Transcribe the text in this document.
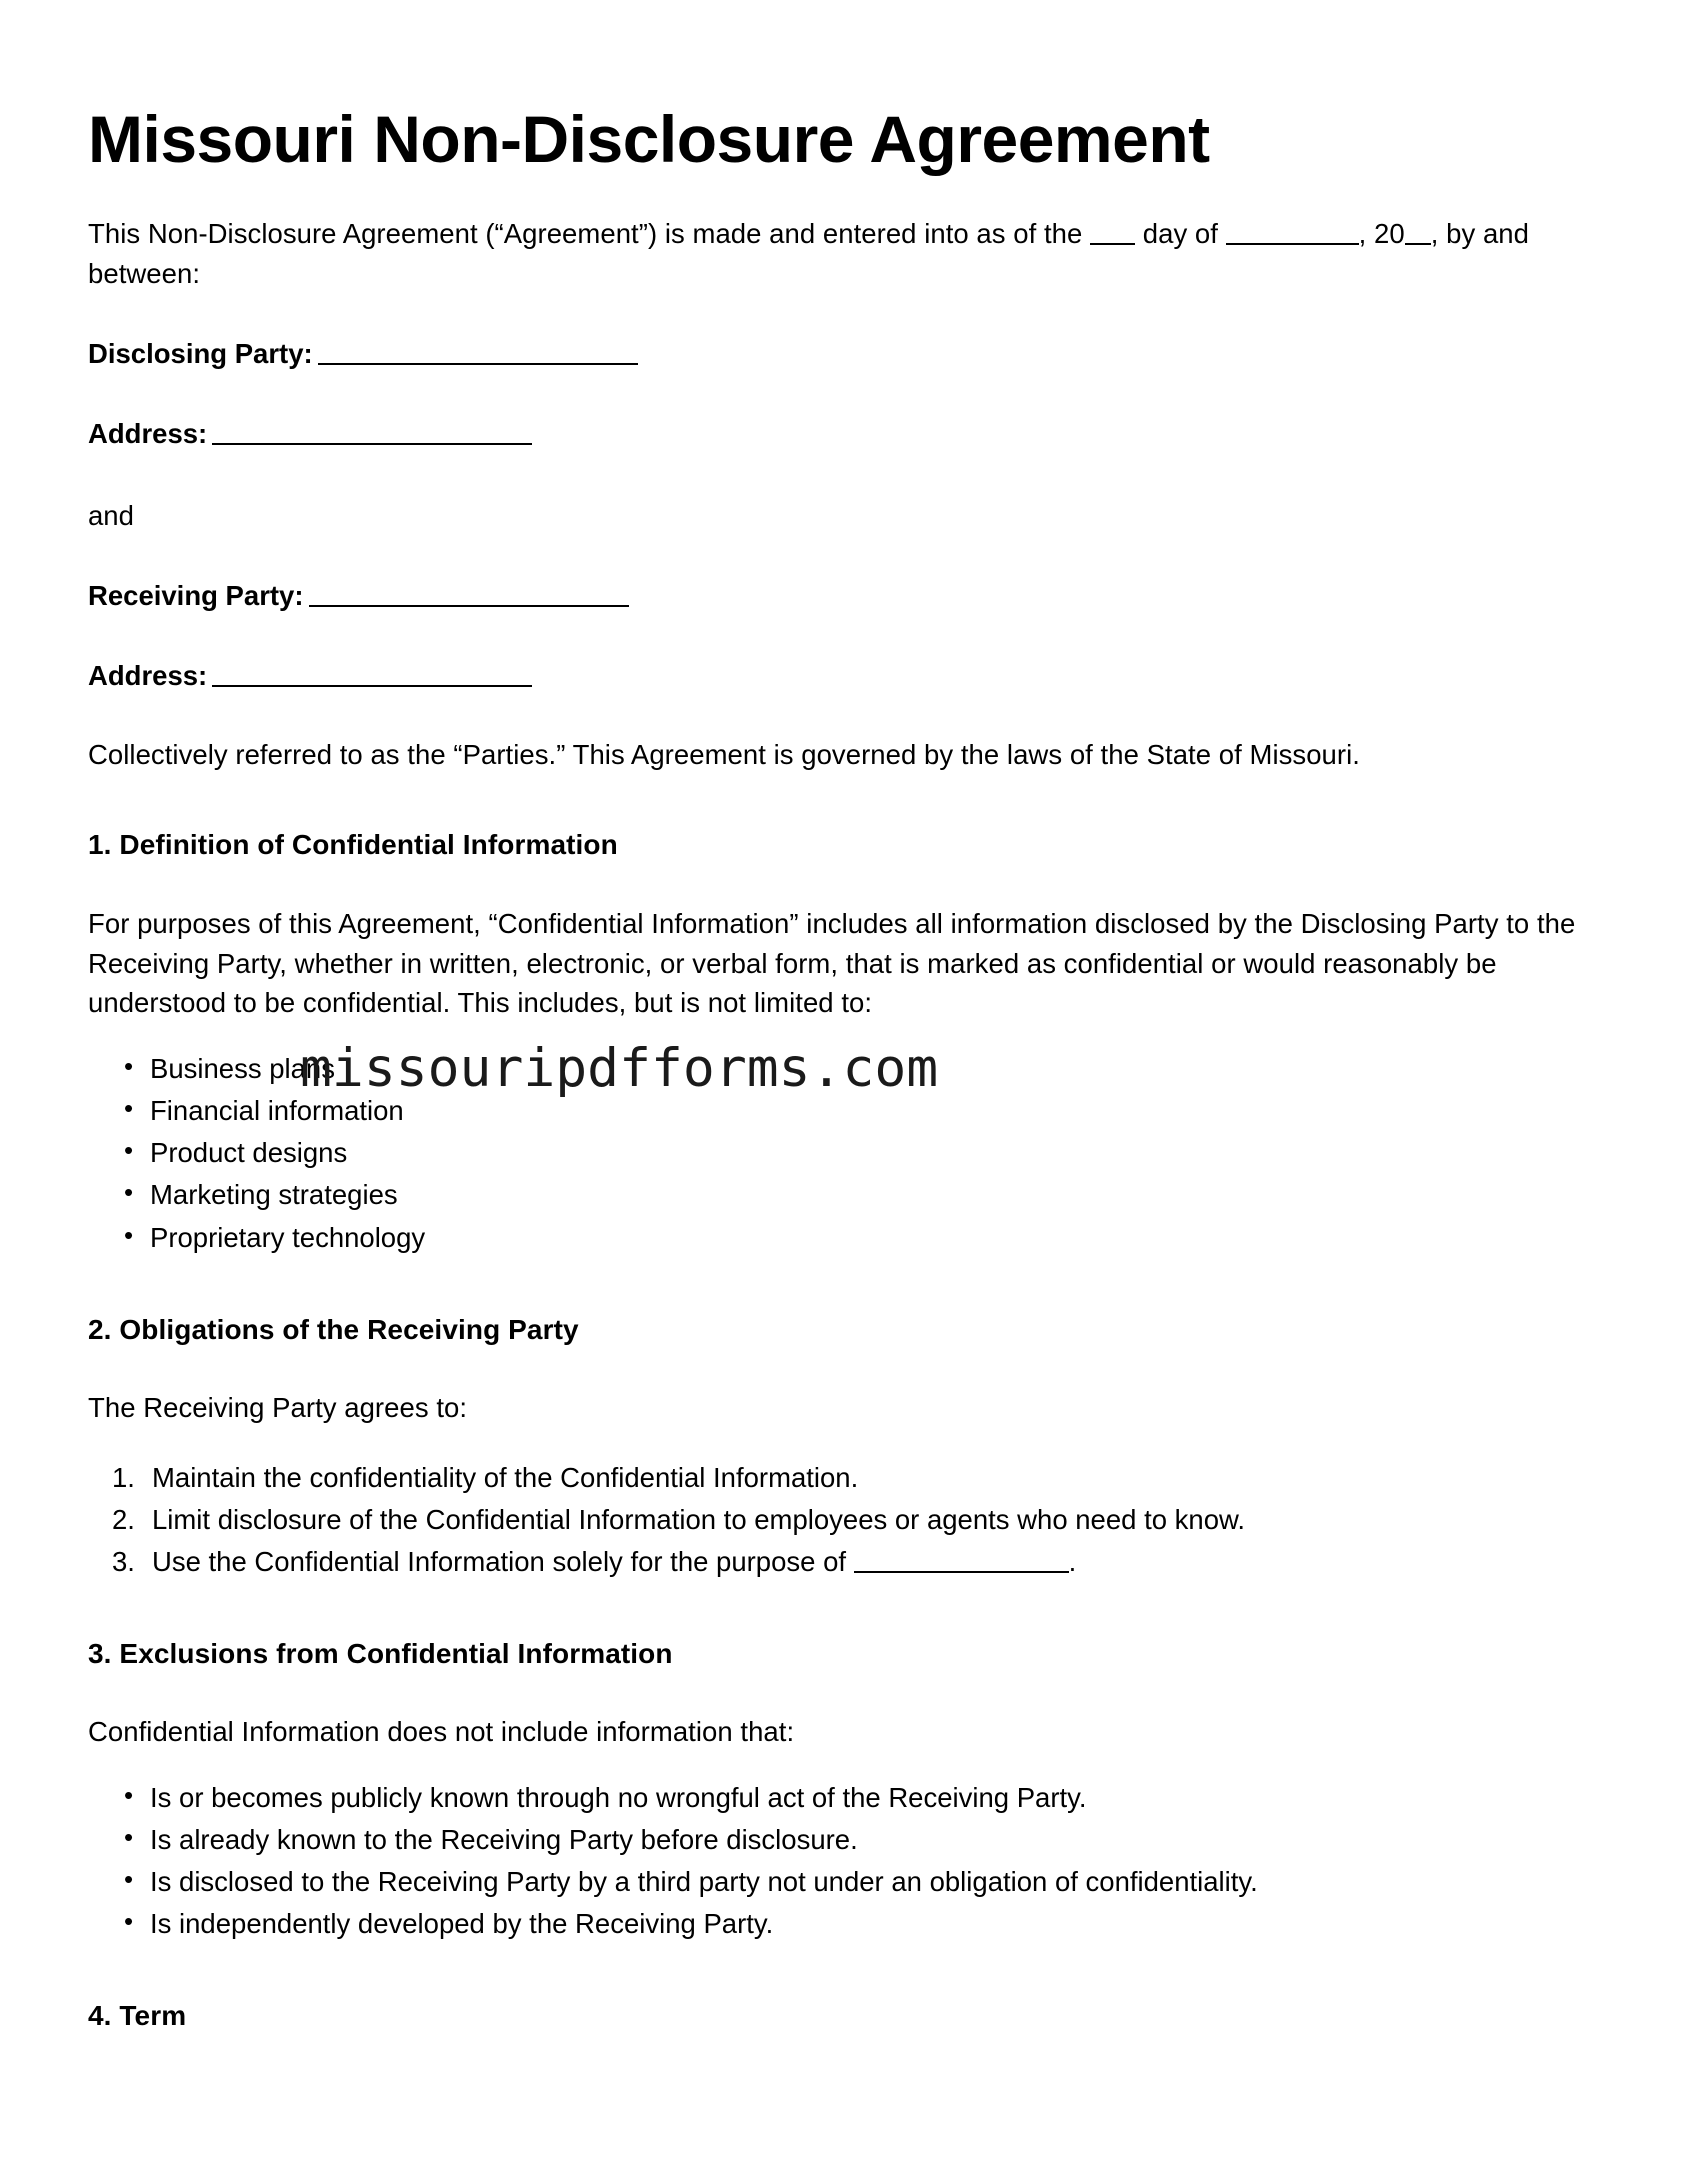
Missouri Non-Disclosure Agreement

This Non-Disclosure Agreement (“Agreement”) is made and entered into as of the  day of	, 20 , by and between:

Disclosing Party:

Address:

and

Receiving Party:

Address:

Collectively referred to as the “Parties.” This Agreement is governed by the laws of the State of Missouri.

1. Definition of Confidential Information

For purposes of this Agreement, “Confidential Information” includes all information disclosed by the Disclosing Party to the Receiving Party, whether in written, electronic, or verbal form, that is marked as confidential or would reasonably be understood to be confidential. This includes, but is not limited to:

• Business plans
• Financial information
• Product designs
• Marketing strategies
• Proprietary technology
2. Obligations of the Receiving Party

The Receiving Party agrees to:

Maintain the confidentiality of the Confidential Information.
Limit disclosure of the Confidential Information to employees or agents who need to know.
Use the Confidential Information solely for the purpose of	.
3. Exclusions from Confidential Information

Confidential Information does not include information that:

• Is or becomes publicly known through no wrongful act of the Receiving Party.
• Is already known to the Receiving Party before disclosure.
• Is disclosed to the Receiving Party by a third party not under an obligation of confidentiality.
• Is independently developed by the Receiving Party.
4. Term
missouripdfforms.com
